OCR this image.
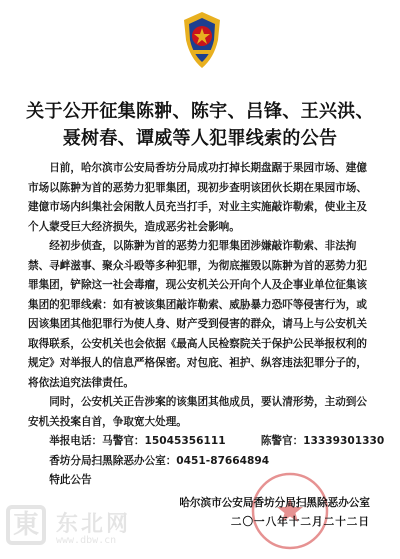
关于公开征集陈翀、陈宇、吕锋、王兴洪、
聂树春、谭威等人犯罪线索的公告

日前，哈尔滨市公安局香坊分局成功打掉长期盘踞于果园市场、建億市场以陈翀为首的恶势力犯罪集团，现初步查明该团伙长期在果园市场、建億市场内纠集社会闲散人员充当打手，对业主实施敲诈勒索，使业主及个人蒙受巨大经济损失，造成恶劣社会影响。

经初步侦查，以陈翀为首的恶势力犯罪集团涉嫌敲诈勒索、非法拘禁、寻衅滋事、聚众斗殴等多种犯罪，为彻底摧毁以陈翀为首的恶势力犯罪集团，铲除这一社会毒瘤，现公安机关公开向个人及企事业单位征集该集团的犯罪线索：如有被该集团敲诈勒索、威胁暴力恐吓等侵害行为，或因该集团其他犯罪行为使人身、财产受到侵害的群众，请马上与公安机关取得联系，公安机关也会依据《最高人民检察院关于保护公民举报权利的规定》对举报人的信息严格保密。对包庇、袒护、纵容违法犯罪分子的，将依法追究法律责任。

同时，公安机关正告涉案的该集团其他成员，要认清形势，主动到公安机关投案自首，争取宽大处理。

举报电话：马警官：15045356111	陈警官：13339301330

香坊分局扫黑除恶办公室：0451-87664894

特此公告

哈尔滨市公安局香坊分局扫黑除恶办公室
二〇一八年十二月二十二日
東 东北网
www.dbw.cn
